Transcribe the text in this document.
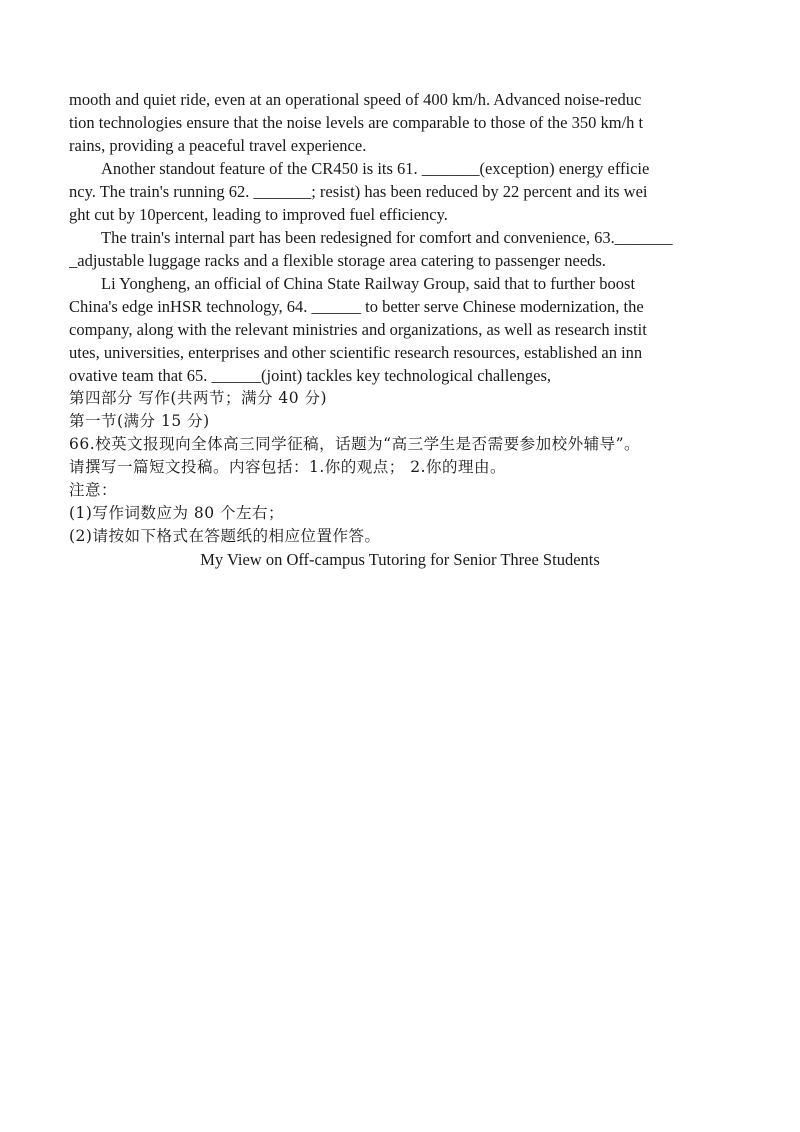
mooth and quiet ride, even at an operational speed of 400 km/h. Advanced noise-reduc
tion technologies ensure that the noise levels are comparable to those of the 350 km/h t
rains, providing a peaceful travel experience.
Another standout feature of the CR450 is its 61. _______(exception) energy efficie
ncy. The train's running 62. _______; resist) has been reduced by 22 percent and its wei
ght cut by 10percent, leading to improved fuel efficiency.
The train's internal part has been redesigned for comfort and convenience, 63._______
_adjustable luggage racks and a flexible storage area catering to passenger needs.
Li Yongheng, an official of China State Railway Group, said that to further boost
China's edge inHSR technology, 64. ______ to better serve Chinese modernization, the
company, along with the relevant ministries and organizations, as well as research instit
utes, universities, enterprises and other scientific research resources, established an inn
ovative team that 65. ______(joint) tackles key technological challenges,
第四部分 写作(共两节；满分 40 分)
第一节(满分 15 分)
66.校英文报现向全体高三同学征稿，话题为“高三学生是否需要参加校外辅导”。
请撰写一篇短文投稿。内容包括：1.你的观点； 2.你的理由。
注意：
(1)写作词数应为 80 个左右；
(2)请按如下格式在答题纸的相应位置作答。
My View on Off-campus Tutoring for Senior Three Students
